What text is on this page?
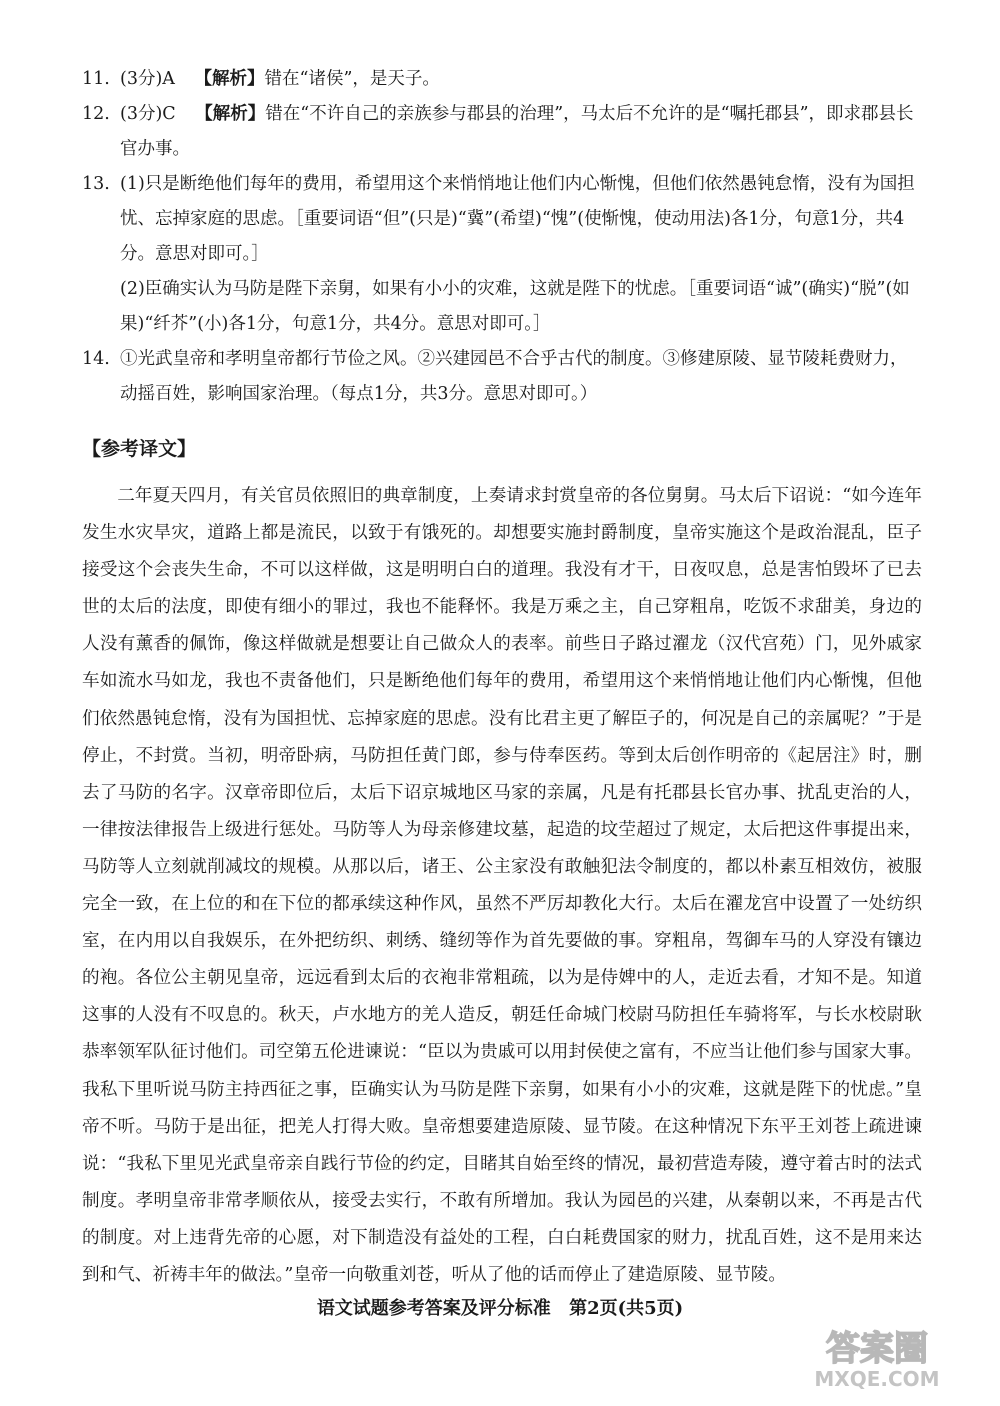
11. (3分)A 【解析】错在“诸侯”，是天子。
12. (3分)C 【解析】错在“不许自己的亲族参与郡县的治理”，马太后不允许的是“嘱托郡县”，即求郡县长官办事。
13. (1)只是断绝他们每年的费用，希望用这个来悄悄地让他们内心惭愧，但他们依然愚钝怠惰，没有为国担忧、忘掉家庭的思虑。［重要词语“但”(只是)“冀”(希望)“愧”(使惭愧，使动用法)各1分，句意1分，共4分。意思对即可。］
(2)臣确实认为马防是陛下亲舅，如果有小小的灾难，这就是陛下的忧虑。［重要词语“诚”(确实)“脱”(如果)“纤芥”(小)各1分，句意1分，共4分。意思对即可。］
14. ①光武皇帝和孝明皇帝都行节俭之风。②兴建园邑不合乎古代的制度。③修建原陵、显节陵耗费财力，动摇百姓，影响国家治理。（每点1分，共3分。意思对即可。）
【参考译文】
二年夏天四月，有关官员依照旧的典章制度，上奏请求封赏皇帝的各位舅舅。马太后下诏说：“如今连年发生水灾旱灾，道路上都是流民，以致于有饿死的。却想要实施封爵制度，皇帝实施这个是政治混乱，臣子接受这个会丧失生命，不可以这样做，这是明明白白的道理。我没有才干，日夜叹息，总是害怕毁坏了已去世的太后的法度，即使有细小的罪过，我也不能释怀。我是万乘之主，自己穿粗帛，吃饭不求甜美，身边的人没有薰香的佩饰，像这样做就是想要让自己做众人的表率。前些日子路过濯龙（汉代宫苑）门，见外戚家车如流水马如龙，我也不责备他们，只是断绝他们每年的费用，希望用这个来悄悄地让他们内心惭愧，但他们依然愚钝怠惰，没有为国担忧、忘掉家庭的思虑。没有比君主更了解臣子的，何况是自己的亲属呢？”于是停止，不封赏。当初，明帝卧病，马防担任黄门郎，参与侍奉医药。等到太后创作明帝的《起居注》时，删去了马防的名字。汉章帝即位后，太后下诏京城地区马家的亲属，凡是有托郡县长官办事、扰乱吏治的人，一律按法律报告上级进行惩处。马防等人为母亲修建坟墓，起造的坟茔超过了规定，太后把这件事提出来，马防等人立刻就削减坟的规模。从那以后，诸王、公主家没有敢触犯法令制度的，都以朴素互相效仿，被服完全一致，在上位的和在下位的都承续这种作风，虽然不严厉却教化大行。太后在濯龙宫中设置了一处纺织室，在内用以自我娱乐，在外把纺织、刺绣、缝纫等作为首先要做的事。穿粗帛，驾御车马的人穿没有镶边的袍。各位公主朝见皇帝，远远看到太后的衣袍非常粗疏，以为是侍婢中的人，走近去看，才知不是。知道这事的人没有不叹息的。秋天，卢水地方的羌人造反，朝廷任命城门校尉马防担任车骑将军，与长水校尉耿恭率领军队征讨他们。司空第五伦进谏说：“臣以为贵戚可以用封侯使之富有，不应当让他们参与国家大事。我私下里听说马防主持西征之事，臣确实认为马防是陛下亲舅，如果有小小的灾难，这就是陛下的忧虑。”皇帝不听。马防于是出征，把羌人打得大败。皇帝想要建造原陵、显节陵。在这种情况下东平王刘苍上疏进谏说：“我私下里见光武皇帝亲自践行节俭的约定，目睹其自始至终的情况，最初营造寿陵，遵守着古时的法式制度。孝明皇帝非常孝顺依从，接受去实行，不敢有所增加。我认为园邑的兴建，从秦朝以来，不再是古代的制度。对上违背先帝的心愿，对下制造没有益处的工程，白白耗费国家的财力，扰乱百姓，这不是用来达到和气、祈祷丰年的做法。”皇帝一向敬重刘苍，听从了他的话而停止了建造原陵、显节陵。
语文试题参考答案及评分标准 第2页(共5页)
答案圈
MXQE.COM
